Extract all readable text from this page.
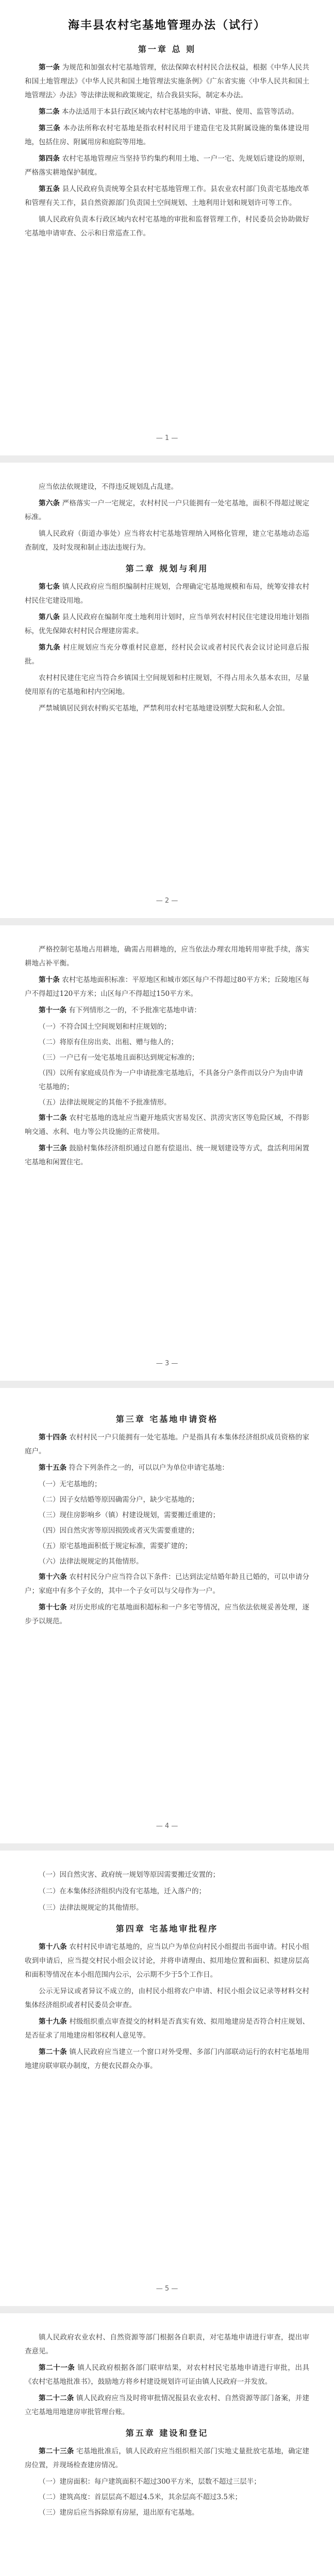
海丰县农村宅基地管理办法（试行）
第一章 总 则

第一条 为规范和加强农村宅基地管理，依法保障农村村民合法权益，根据《中华人民共和国土地管理法》《中华人民共和国土地管理法实施条例》《广东省实施〈中华人民共和国土地管理法〉办法》等法律法规和政策规定，结合我县实际，制定本办法。

第二条 本办法适用于本县行政区域内农村宅基地的申请、审批、使用、监管等活动。

第三条 本办法所称农村宅基地是指农村村民用于建造住宅及其附属设施的集体建设用地，包括住房、附属用房和庭院等用地。

第四条 农村宅基地管理应当坚持节约集约利用土地、一户一宅、先规划后建设的原则，严格落实耕地保护制度。

第五条 县人民政府负责统筹全县农村宅基地管理工作。县农业农村部门负责宅基地改革和管理有关工作，县自然资源部门负责国土空间规划、土地利用计划和规划许可等工作。

镇人民政府负责本行政区域内农村宅基地的审批和监督管理工作，村民委员会协助做好宅基地申请审查、公示和日常巡查工作。

— 1 —

应当依法依规建设，不得违反规划乱占乱建。

第六条 严格落实一户一宅规定，农村村民一户只能拥有一处宅基地，面积不得超过规定标准。

镇人民政府（街道办事处）应当将农村宅基地管理纳入网格化管理，建立宅基地动态巡查制度，及时发现和制止违法违规行为。

第二章 规划与利用

第七条 镇人民政府应当组织编制村庄规划，合理确定宅基地规模和布局，统筹安排农村村民住宅建设用地。

第八条 县人民政府在编制年度土地利用计划时，应当单列农村村民住宅建设用地计划指标，优先保障农村村民合理建房需求。

第九条 村庄规划应当充分尊重村民意愿，经村民会议或者村民代表会议讨论同意后报批。

农村村民建住宅应当符合乡镇国土空间规划和村庄规划，不得占用永久基本农田，尽量使用原有的宅基地和村内空闲地。

严禁城镇居民到农村购买宅基地，严禁利用农村宅基地建设别墅大院和私人会馆。

— 2 —

严格控制宅基地占用耕地，确需占用耕地的，应当依法办理农用地转用审批手续，落实耕地占补平衡。

第十条 农村宅基地面积标准：平原地区和城市郊区每户不得超过80平方米；丘陵地区每户不得超过120平方米；山区每户不得超过150平方米。

第十一条 有下列情形之一的，不予批准宅基地申请：

（一）不符合国土空间规划和村庄规划的；
（二）将原有住房出卖、出租、赠与他人的；
（三）一户已有一处宅基地且面积达到规定标准的；
（四）以所有家庭成员作为一户申请批准宅基地后，不具备分户条件而以分户为由申请宅基地的；
（五）法律法规规定的其他不予批准情形。

第十二条 农村宅基地的选址应当避开地质灾害易发区、洪涝灾害区等危险区域，不得影响交通、水利、电力等公共设施的正常使用。

第十三条 鼓励村集体经济组织通过自愿有偿退出、统一规划建设等方式，盘活利用闲置宅基地和闲置住宅。

— 3 —
第三章 宅基地申请资格

第十四条 农村村民一户只能拥有一处宅基地。户是指具有本集体经济组织成员资格的家庭户。

第十五条 符合下列条件之一的，可以以户为单位申请宅基地：

（一）无宅基地的；
（二）因子女结婚等原因确需分户，缺少宅基地的；
（三）现住房影响乡（镇）村建设规划，需要搬迁重建的；
（四）因自然灾害等原因损毁或者灭失需要重建的；
（五）原宅基地面积低于规定标准，需要扩建的；
（六）法律法规规定的其他情形。

第十六条 农村村民分户应当符合以下条件：已达到法定结婚年龄且已婚的，可以申请分户；家庭中有多个子女的，其中一个子女可以与父母作为一户。

第十七条 对历史形成的宅基地面积超标和一户多宅等情况，应当依法依规妥善处理，逐步予以规范。

— 4 —

（一）因自然灾害、政府统一规划等原因需要搬迁安置的；

（二）在本集体经济组织内没有宅基地，迁入落户的；

（三）法律法规规定的其他情形。

第四章 宅基地审批程序

第十八条 农村村民申请宅基地的，应当以户为单位向村民小组提出书面申请。村民小组收到申请后，应当提交村民小组会议讨论，并将申请理由、拟用地位置和面积、拟建房层高和面积等情况在本小组范围内公示，公示期不少于5个工作日。

公示无异议或者异议不成立的，由村民小组将农户申请、村民小组会议记录等材料交村集体经济组织或者村民委员会审查。

第十九条 村级组织重点审查提交的材料是否真实有效、拟用地建房是否符合村庄规划、是否征求了用地建房相邻权利人意见等。

第二十条 镇人民政府应当建立一个窗口对外受理、多部门内部联动运行的农村宅基地用地建房联审联办制度，方便农民群众办事。

— 5 —

镇人民政府农业农村、自然资源等部门根据各自职责，对宅基地申请进行审查，提出审查意见。

第二十一条 镇人民政府根据各部门联审结果，对农村村民宅基地申请进行审批，出具《农村宅基地批准书》，鼓励地方将乡村建设规划许可证由镇人民政府一并发放。

第二十二条 镇人民政府应当及时将审批情况报县农业农村、自然资源等部门备案，并建立宅基地用地建房审批管理台账。

第五章 建设和登记

第二十三条 宅基地批准后，镇人民政府应当组织相关部门实地丈量批放宅基地，确定建房位置，并现场检查建房情况。

（一）建房面积：每户建筑面积不超过300平方米，层数不超过三层半；
（二）建筑高度：首层层高不超过4.5米，其余层高不超过3.5米；
（三）建房后应当拆除原有房屋，退出原有宅基地。
